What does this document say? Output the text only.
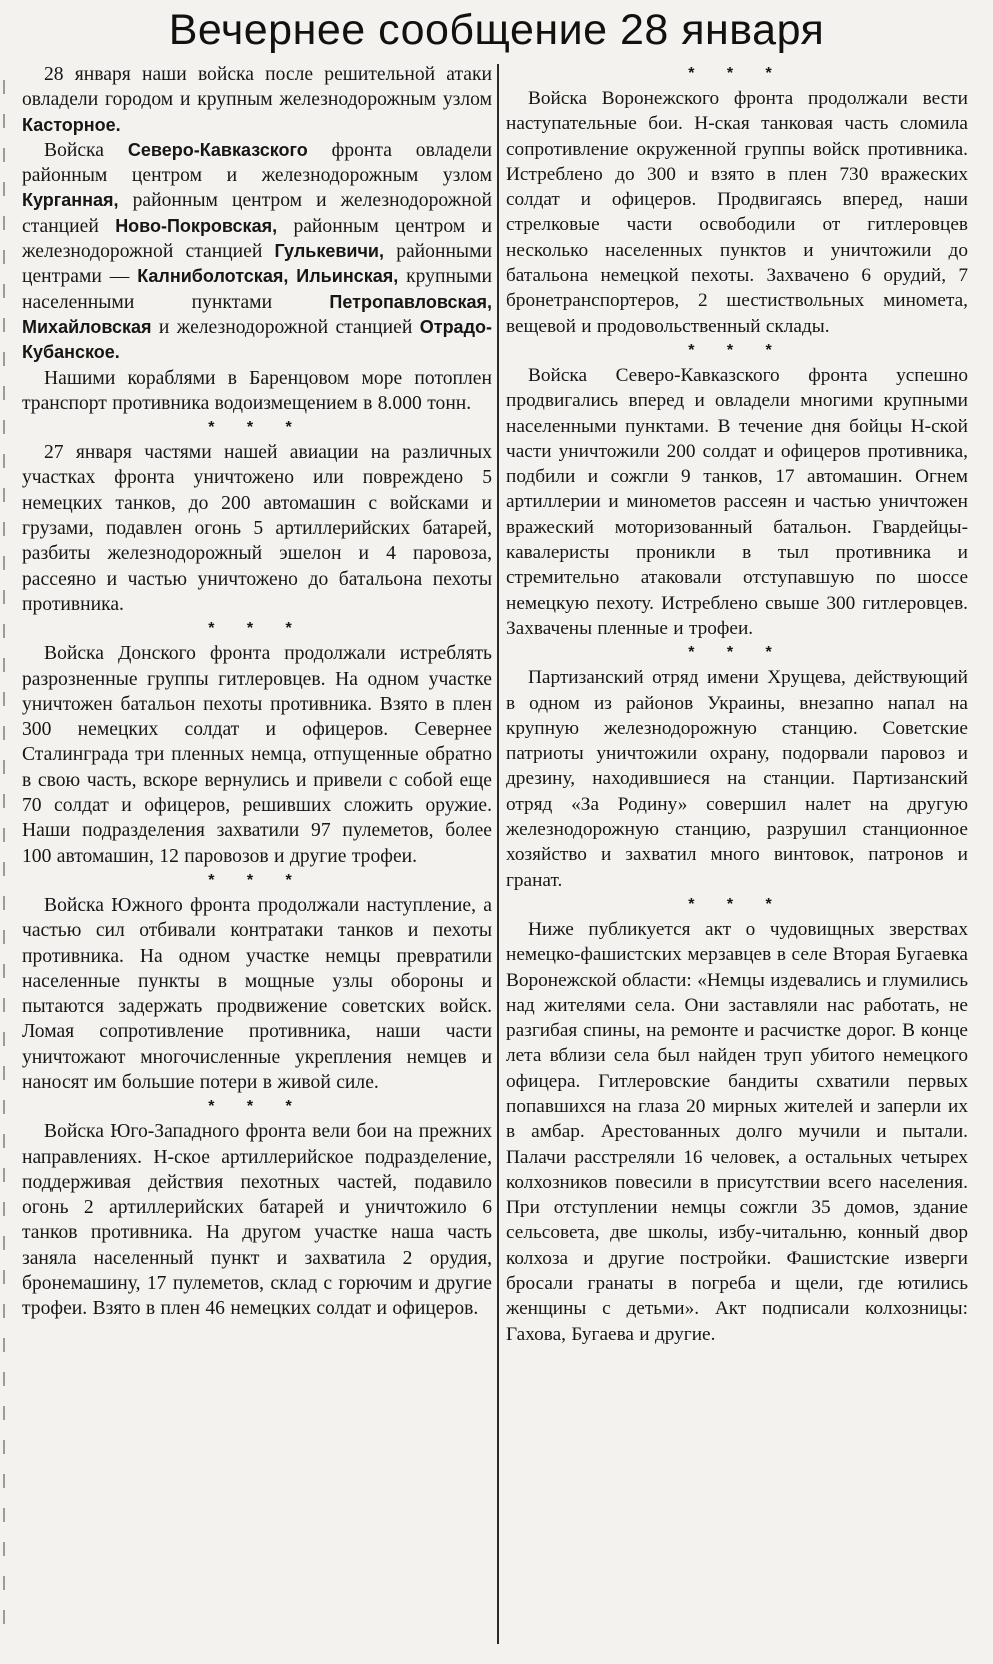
Вечернее сообщение 28 января

28 января наши войска после решительной атаки овладели городом и крупным железнодорожным узлом Касторное.

Войска Северо-Кавказского фронта овладели районным центром и железнодорожным узлом Курганная, районным центром и железнодорожной станцией Ново-Покровская, районным центром и железнодорожной станцией Гулькевичи, районными центрами — Калниболотская, Ильинская, крупными населенными пунктами	Петропавловская, Михайловская и железнодорожной станцией Отрадо-Кубанское.

Нашими кораблями в Баренцовом море потоплен транспорт противника водоизмещением в 8.000 тонн.

* * *

27 января частями нашей авиации на различных участках фронта уничтожено или повреждено 5 немецких танков, до 200 автомашин с войсками и грузами, подавлен огонь 5 артиллерийских батарей, разбиты железнодорожный эшелон и 4 паровоза, рассеяно и частью уничтожено до батальона пехоты противника.

* * *

Войска Донского фронта продолжали истреблять разрозненные группы гитлеровцев. На одном участке уничтожен батальон пехоты противника. Взято в плен 300 немецких солдат и офицеров. Севернее Сталинграда три пленных немца, отпущенные обратно в свою часть, вскоре вернулись и привели с собой еще 70 солдат и офицеров, решивших сложить оружие. Наши подразделения захватили 97 пулеметов, более 100 автомашин, 12 паровозов и другие трофеи.

* * *

Войска Южного фронта продолжали наступление, а частью сил отбивали контратаки танков и пехоты противника. На одном участке немцы превратили населенные пункты в мощные узлы обороны и пытаются задержать продвижение советских войск. Ломая сопротивление противника, наши части уничтожают многочисленные укрепления немцев и наносят им большие потери в живой силе.

* * *

Войска Юго-Западного фронта вели бои на прежних направлениях. Н-ское артиллерийское подразделение, поддерживая действия пехотных частей, подавило огонь 2 артиллерийских батарей и уничтожило 6 танков противника. На другом участке наша часть заняла населенный пункт и захватила 2 орудия, бронемашину, 17 пулеметов, склад с горючим и другие трофеи. Взято в плен 46 немецких солдат и офицеров.

* * *

Войска Воронежского фронта продолжали вести наступательные бои. Н-ская танковая часть сломила сопротивление окруженной группы войск противника. Истреблено до 300 и взято в плен 730 вражеских солдат и офицеров. Продвигаясь вперед, наши стрелковые части освободили от гитлеровцев несколько населенных пунктов и уничтожили до батальона немецкой пехоты. Захвачено 6 орудий, 7 бронетранспортеров, 2 шестиствольных миномета, вещевой и продовольственный склады.

* * *

Войска Северо-Кавказского фронта успешно продвигались вперед и овладели многими крупными населенными пунктами. В течение дня бойцы Н-ской части уничтожили 200 солдат и офицеров противника, подбили и сожгли 9 танков, 17 автомашин. Огнем артиллерии и минометов рассеян и частью уничтожен вражеский моторизованный батальон. Гвардейцы-кавалеристы проникли в тыл противника и стремительно атаковали отступавшую по шоссе немецкую пехоту. Истреблено свыше 300 гитлеровцев. Захвачены пленные и трофеи.

* * *

Партизанский отряд имени Хрущева, действующий в одном из районов Украины, внезапно напал на крупную железнодорожную станцию. Советские патриоты уничтожили охрану, подорвали паровоз и дрезину, находившиеся на станции. Партизанский отряд «За Родину» совершил налет на другую железнодорожную станцию, разрушил станционное хозяйство и захватил много винтовок, патронов и гранат.

* * *

Ниже публикуется акт о чудовищных зверствах немецко-фашистских мерзавцев в селе Вторая Бугаевка Воронежской области: «Немцы издевались и глумились над жителями села. Они заставляли нас работать, не разгибая спины, на ремонте и расчистке дорог. В конце лета вблизи села был найден труп убитого немецкого офицера. Гитлеровские бандиты схватили первых попавшихся на глаза 20 мирных жителей и заперли их в амбар. Арестованных долго мучили и пытали. Палачи расстреляли 16 человек, а остальных четырех колхозников повесили в присутствии всего населения. При отступлении немцы сожгли 35 домов, здание сельсовета, две школы, избу-читальню, конный двор колхоза и другие постройки. Фашистские изверги бросали гранаты в погреба и щели, где ютились женщины с детьми». Акт подписали колхозницы: Гахова, Бугаева и другие.
